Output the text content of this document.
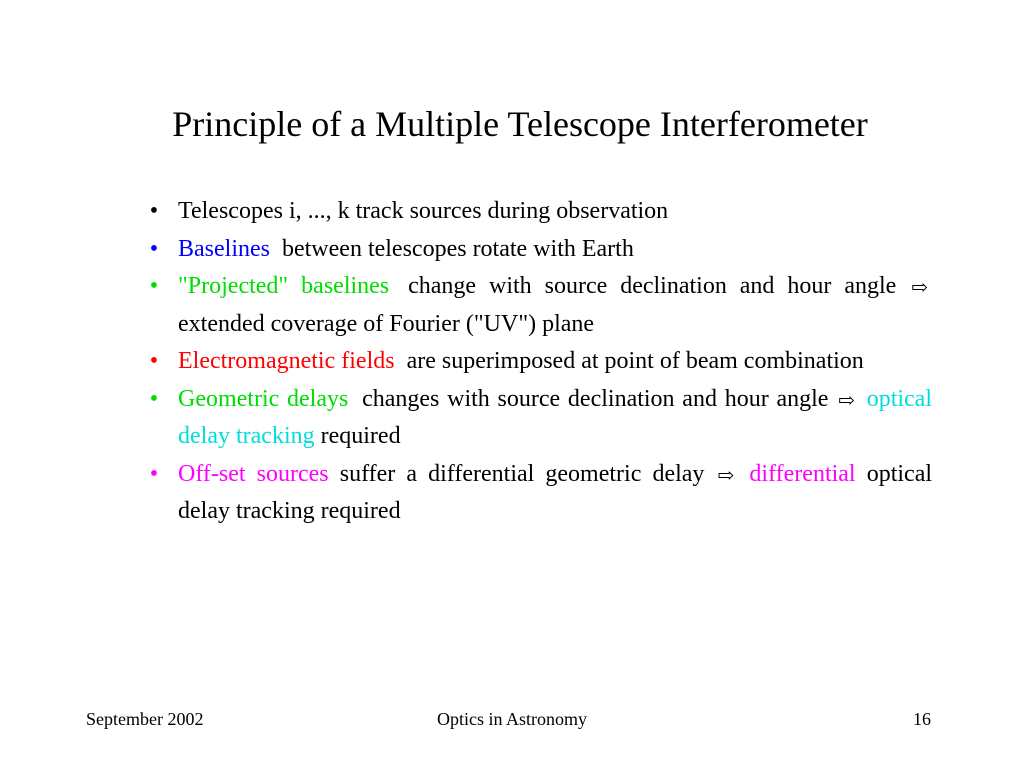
Principle of a Multiple Telescope Interferometer
• Telescopes i, ..., k track sources during observation
• Baselines between telescopes rotate with Earth
• "Projected" baselines change with source declination and hour angle ⇨ extended coverage of Fourier ("UV") plane
• Electromagnetic fields are superimposed at point of beam combination
• Geometric delays changes with source declination and hour angle ⇨ optical delay tracking required
• Off-set sources suffer a differential geometric delay ⇨ differential optical delay tracking required
September 2002	Optics in Astronomy	16
